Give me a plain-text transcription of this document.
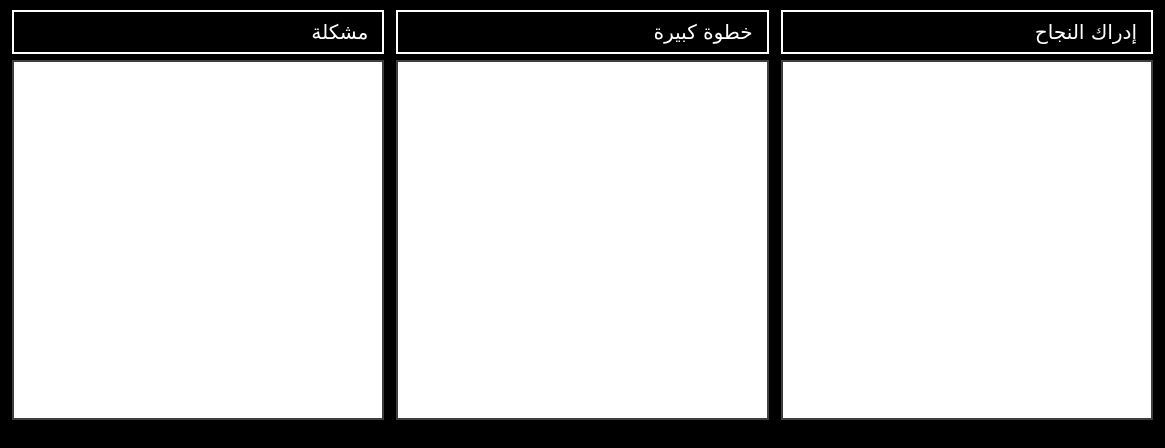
إدراك النجاح
خطوة كبيرة
مشكلة
